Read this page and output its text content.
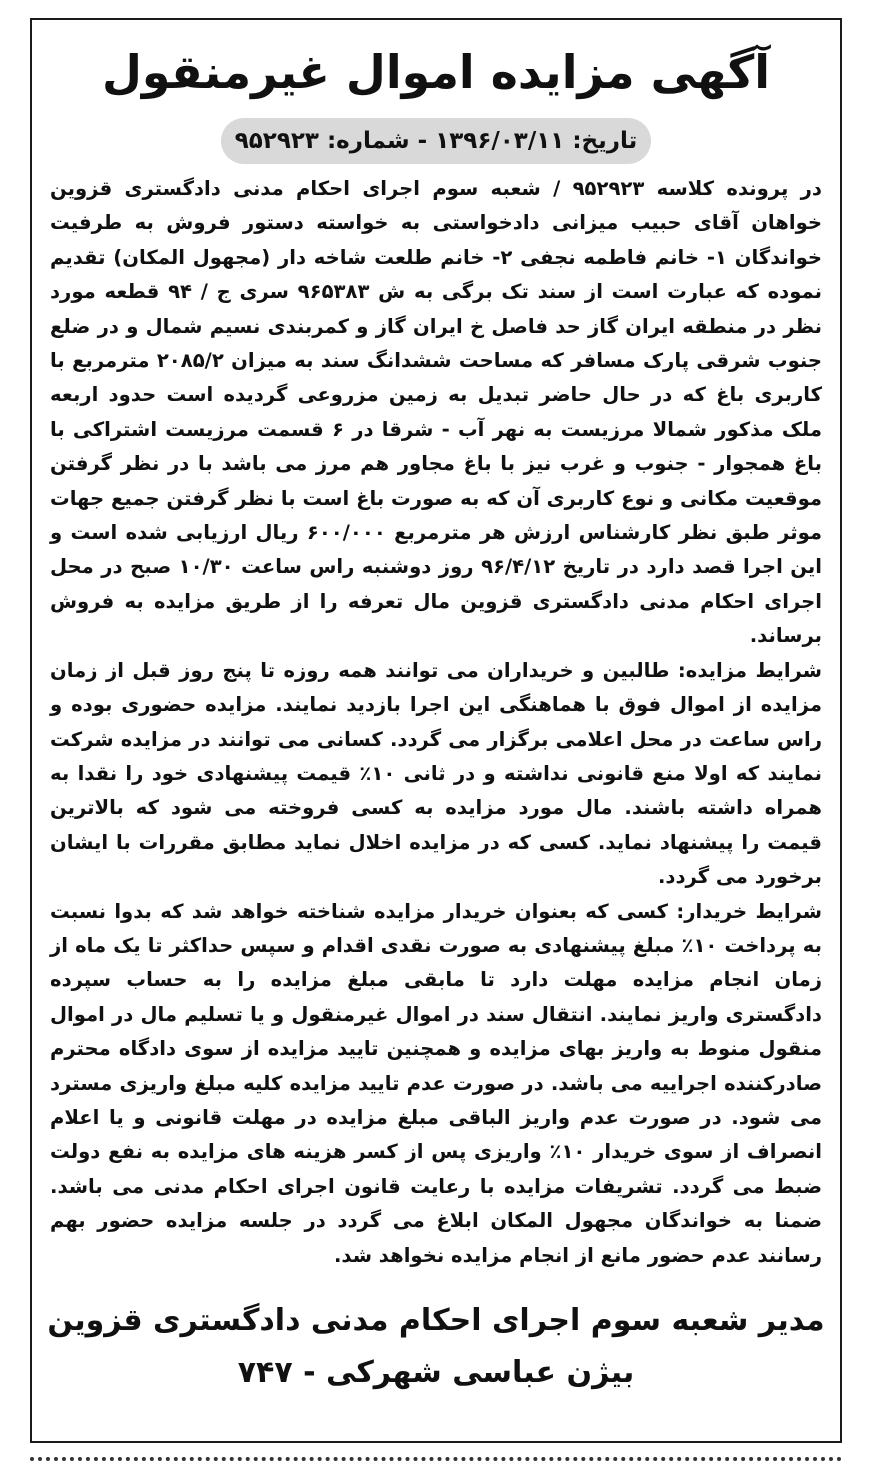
آگهی مزایده اموال غیرمنقول
تاریخ: ۱۳۹۶/۰۳/۱۱ - شماره: ۹۵۲۹۲۳

در پرونده کلاسه ۹۵۲۹۲۳ / شعبه سوم اجرای احکام مدنی دادگستری قزوین خواهان آقای حبیب میزانی دادخواستی به خواسته دستور فروش به طرفیت خواندگان ۱- خانم فاطمه نجفی ۲- خانم طلعت شاخه دار (مجهول المکان) تقدیم نموده که عبارت است از سند تک برگی به ش ۹۶۵۳۸۳ سری ج / ۹۴ قطعه مورد نظر در منطقه ایران گاز حد فاصل خ ایران گاز و کمربندی نسیم شمال و در ضلع جنوب شرقی پارک مسافر که مساحت ششدانگ سند به میزان ۲۰۸۵/۲ مترمربع با کاربری باغ که در حال حاضر تبدیل به زمین مزروعی گردیده است حدود اربعه ملک مذکور شمالا مرزیست به نهر آب - شرقا در ۶ قسمت مرزیست اشتراکی با باغ همجوار - جنوب و غرب نیز با باغ مجاور هم مرز می باشد با در نظر گرفتن موقعیت مکانی و نوع کاربری آن که به صورت باغ است با نظر گرفتن جمیع جهات موثر طبق نظر کارشناس ارزش هر مترمربع ۶۰۰/۰۰۰ ریال ارزیابی شده است و این اجرا قصد دارد در تاریخ ۹۶/۴/۱۲ روز دوشنبه راس ساعت ۱۰/۳۰ صبح در محل اجرای احکام مدنی دادگستری قزوین مال تعرفه را از طریق مزایده به فروش برساند.

شرایط مزایده: طالبین و خریداران می توانند همه روزه تا پنج روز قبل از زمان مزایده از اموال فوق با هماهنگی این اجرا بازدید نمایند. مزایده حضوری بوده و راس ساعت در محل اعلامی برگزار می گردد. کسانی می توانند در مزایده شرکت نمایند که اولا منع قانونی نداشته و در ثانی ۱۰٪ قیمت پیشنهادی خود را نقدا به همراه داشته باشند. مال مورد مزایده به کسی فروخته می شود که بالاترین قیمت را پیشنهاد نماید. کسی که در مزایده اخلال نماید مطابق مقررات با ایشان برخورد می گردد.

شرایط خریدار: کسی که بعنوان خریدار مزایده شناخته خواهد شد که بدوا نسبت به پرداخت ۱۰٪ مبلغ پیشنهادی به صورت نقدی اقدام و سپس حداکثر تا یک ماه از زمان انجام مزایده مهلت دارد تا مابقی مبلغ مزایده را به حساب سپرده دادگستری واریز نمایند. انتقال سند در اموال غیرمنقول و یا تسلیم مال در اموال منقول منوط به واریز بهای مزایده و همچنین تایید مزایده از سوی دادگاه محترم صادرکننده اجراییه می باشد. در صورت عدم تایید مزایده کلیه مبلغ واریزی مسترد می شود. در صورت عدم واریز الباقی مبلغ مزایده در مهلت قانونی و یا اعلام انصراف از سوی خریدار ۱۰٪ واریزی پس از کسر هزینه های مزایده به نفع دولت ضبط می گردد. تشریفات مزایده با رعایت قانون اجرای احکام مدنی می باشد. ضمنا به خواندگان مجهول المکان ابلاغ می گردد در جلسه مزایده حضور بهم رسانند عدم حضور مانع از انجام مزایده نخواهد شد.

مدیر شعبه سوم اجرای احکام مدنی دادگستری قزوین
بیژن عباسی شهرکی - ۷۴۷
